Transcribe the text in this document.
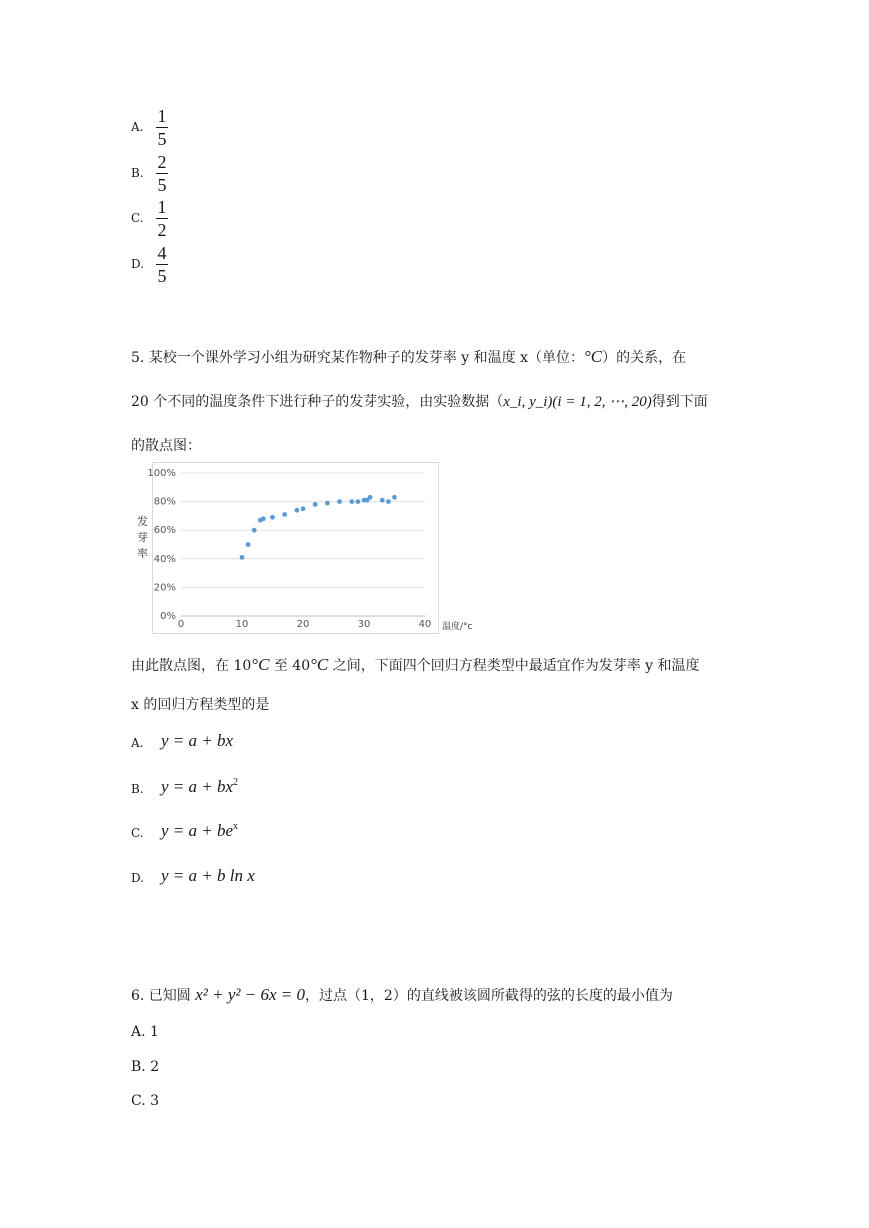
A.
1
5
B.
2
5
C.
1
2
D.
4
5
5. 某校一个课外学习小组为研究某作物种子的发芽率 y 和温度 x（单位：°C）的关系，在
20 个不同的温度条件下进行种子的发芽实验，由实验数据（x_i, y_i)(i = 1, 2, ⋯, 20)得到下面
的散点图：
发
芽
率
0%
20%
40%
60%
80%
100%
0	10	20	30	40 温度/°c
由此散点图，在 10°C 至 40°C 之间，下面四个回归方程类型中最适宜作为发芽率 y 和温度
x 的回归方程类型的是
A. y = a + bx
B. $y = a + bx^2$
C. $y = a + be^x$
D. y = a + b ln x
6. 已知圆 x² + y² − 6x = 0，过点（1，2）的直线被该圆所截得的弦的长度的最小值为
A. 1
B. 2
C. 3
